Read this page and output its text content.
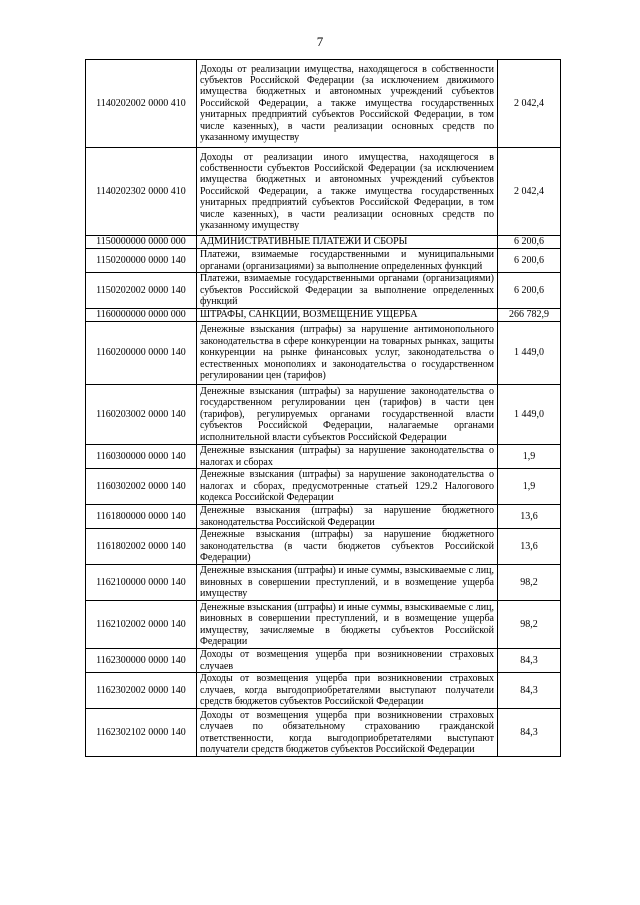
7
1140202002 0000 410	Доходы от реализации имущества, находящегося в собственности субъектов Российской Федерации (за исключением движимого имущества бюджетных и автономных учреждений субъектов Российской Федерации, а также имущества государственных унитарных предприятий субъектов Российской Федерации, в том числе казенных), в части реализации основных средств по указанному имуществу	2 042,4
1140202302 0000 410	Доходы от реализации иного имущества, находящегося в собственности субъектов Российской Федерации (за исключением имущества бюджетных и автономных учреждений субъектов Российской Федерации, а также имущества государственных унитарных предприятий субъектов Российской Федерации, в том числе казенных), в части реализации основных средств по указанному имуществу	2 042,4
1150000000 0000 000	АДМИНИСТРАТИВНЫЕ ПЛАТЕЖИ И СБОРЫ	6 200,6
1150200000 0000 140	Платежи, взимаемые государственными и муниципальными органами (организациями) за выполнение определенных функций	6 200,6
1150202002 0000 140	Платежи, взимаемые государственными органами (организациями) субъектов Российской Федерации за выполнение определенных функций	6 200,6
1160000000 0000 000	ШТРАФЫ, САНКЦИИ, ВОЗМЕЩЕНИЕ УЩЕРБА	266 782,9
1160200000 0000 140	Денежные взыскания (штрафы) за нарушение антимонопольного законодательства в сфере конкуренции на товарных рынках, защиты конкуренции на рынке финансовых услуг, законодательства о естественных монополиях и законодательства о государственном регулировании цен (тарифов)	1 449,0
1160203002 0000 140	Денежные взыскания (штрафы) за нарушение законодательства о государственном регулировании цен (тарифов) в части цен (тарифов), регулируемых органами государственной власти субъектов Российской Федерации, налагаемые органами исполнительной власти субъектов Российской Федерации	1 449,0
1160300000 0000 140	Денежные взыскания (штрафы) за нарушение законодательства о налогах и сборах	1,9
1160302002 0000 140	Денежные взыскания (штрафы) за нарушение законодательства о налогах и сборах, предусмотренные статьей 129.2 Налогового кодекса Российской Федерации	1,9
1161800000 0000 140	Денежные взыскания (штрафы) за нарушение бюджетного законодательства Российской Федерации	13,6
1161802002 0000 140	Денежные взыскания (штрафы) за нарушение бюджетного законодательства (в части бюджетов субъектов Российской Федерации)	13,6
1162100000 0000 140	Денежные взыскания (штрафы) и иные суммы, взыскиваемые с лиц, виновных в совершении преступлений, и в возмещение ущерба имуществу	98,2
1162102002 0000 140	Денежные взыскания (штрафы) и иные суммы, взыскиваемые с лиц, виновных в совершении преступлений, и в возмещение ущерба имуществу, зачисляемые в бюджеты субъектов Российской Федерации	98,2
1162300000 0000 140	Доходы от возмещения ущерба при возникновении страховых случаев	84,3
1162302002 0000 140	Доходы от возмещения ущерба при возникновении страховых случаев, когда выгодоприобретателями выступают получатели средств бюджетов субъектов Российской Федерации	84,3
1162302102 0000 140	Доходы от возмещения ущерба при возникновении страховых случаев по обязательному страхованию гражданской ответственности, когда выгодоприобретателями выступают получатели средств бюджетов субъектов Российской Федерации	84,3
